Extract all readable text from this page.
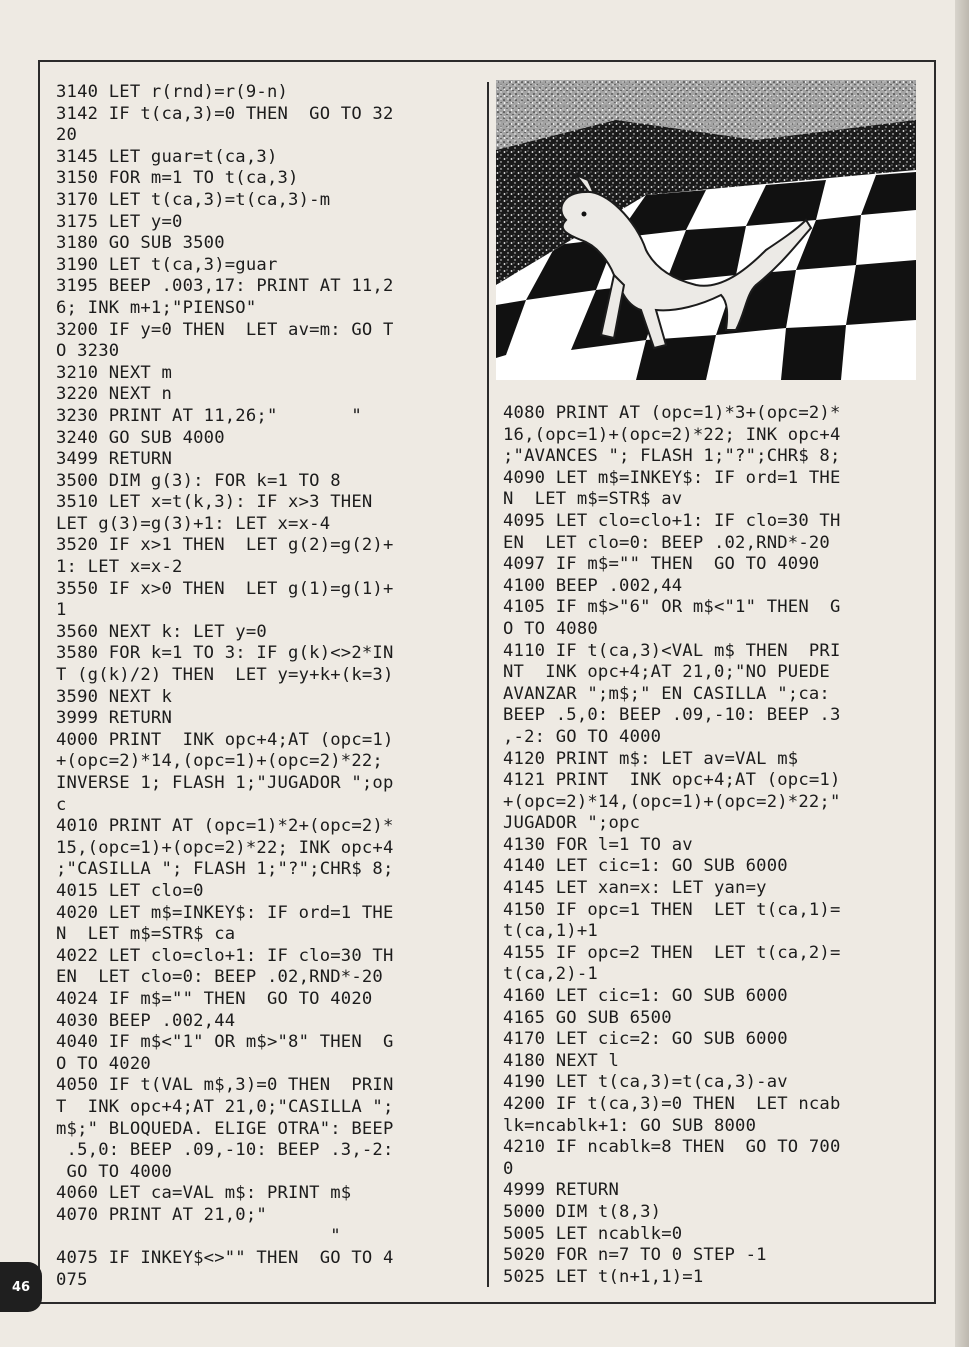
3140 LET r(rnd)=r(9-n)
3142 IF t(ca,3)=0 THEN  GO TO 32
20
3145 LET guar=t(ca,3)
3150 FOR m=1 TO t(ca,3)
3170 LET t(ca,3)=t(ca,3)-m
3175 LET y=0
3180 GO SUB 3500
3190 LET t(ca,3)=guar
3195 BEEP .003,17: PRINT AT 11,2
6; INK m+1;"PIENSO"
3200 IF y=0 THEN  LET av=m: GO T
O 3230
3210 NEXT m
3220 NEXT n
3230 PRINT AT 11,26;"       "
3240 GO SUB 4000
3499 RETURN
3500 DIM g(3): FOR k=1 TO 8
3510 LET x=t(k,3): IF x>3 THEN
LET g(3)=g(3)+1: LET x=x-4
3520 IF x>1 THEN  LET g(2)=g(2)+
1: LET x=x-2
3550 IF x>0 THEN  LET g(1)=g(1)+
1
3560 NEXT k: LET y=0
3580 FOR k=1 TO 3: IF g(k)<>2*IN
T (g(k)/2) THEN  LET y=y+k+(k=3)
3590 NEXT k
3999 RETURN
4000 PRINT  INK opc+4;AT (opc=1)
+(opc=2)*14,(opc=1)+(opc=2)*22;
INVERSE 1; FLASH 1;"JUGADOR ";op
c
4010 PRINT AT (opc=1)*2+(opc=2)*
15,(opc=1)+(opc=2)*22; INK opc+4
;"CASILLA "; FLASH 1;"?";CHR$ 8;
4015 LET clo=0
4020 LET m$=INKEY$: IF ord=1 THE
N  LET m$=STR$ ca
4022 LET clo=clo+1: IF clo=30 TH
EN  LET clo=0: BEEP .02,RND*-20
4024 IF m$="" THEN  GO TO 4020
4030 BEEP .002,44
4040 IF m$<"1" OR m$>"8" THEN  G
O TO 4020
4050 IF t(VAL m$,3)=0 THEN  PRIN
T  INK opc+4;AT 21,0;"CASILLA ";
m$;" BLOQUEDA. ELIGE OTRA": BEEP
.5,0: BEEP .09,-10: BEEP .3,-2:
GO TO 4000
4060 LET ca=VAL m$: PRINT m$
4070 PRINT AT 21,0;"
"
4075 IF INKEY$<>"" THEN  GO TO 4
075
4080 PRINT AT (opc=1)*3+(opc=2)*
16,(opc=1)+(opc=2)*22; INK opc+4
;"AVANCES "; FLASH 1;"?";CHR$ 8;
4090 LET m$=INKEY$: IF ord=1 THE
N  LET m$=STR$ av
4095 LET clo=clo+1: IF clo=30 TH
EN  LET clo=0: BEEP .02,RND*-20
4097 IF m$="" THEN  GO TO 4090
4100 BEEP .002,44
4105 IF m$>"6" OR m$<"1" THEN  G
O TO 4080
4110 IF t(ca,3)<VAL m$ THEN  PRI
NT  INK opc+4;AT 21,0;"NO PUEDE
AVANZAR ";m$;" EN CASILLA ";ca:
BEEP .5,0: BEEP .09,-10: BEEP .3
,-2: GO TO 4000
4120 PRINT m$: LET av=VAL m$
4121 PRINT  INK opc+4;AT (opc=1)
+(opc=2)*14,(opc=1)+(opc=2)*22;"
JUGADOR ";opc
4130 FOR l=1 TO av
4140 LET cic=1: GO SUB 6000
4145 LET xan=x: LET yan=y
4150 IF opc=1 THEN  LET t(ca,1)=
t(ca,1)+1
4155 IF opc=2 THEN  LET t(ca,2)=
t(ca,2)-1
4160 LET cic=1: GO SUB 6000
4165 GO SUB 6500
4170 LET cic=2: GO SUB 6000
4180 NEXT l
4190 LET t(ca,3)=t(ca,3)-av
4200 IF t(ca,3)=0 THEN  LET ncab
lk=ncablk+1: GO SUB 8000
4210 IF ncablk=8 THEN  GO TO 700
0
4999 RETURN
5000 DIM t(8,3)
5005 LET ncablk=0
5020 FOR n=7 TO 0 STEP -1
5025 LET t(n+1,1)=1
46
